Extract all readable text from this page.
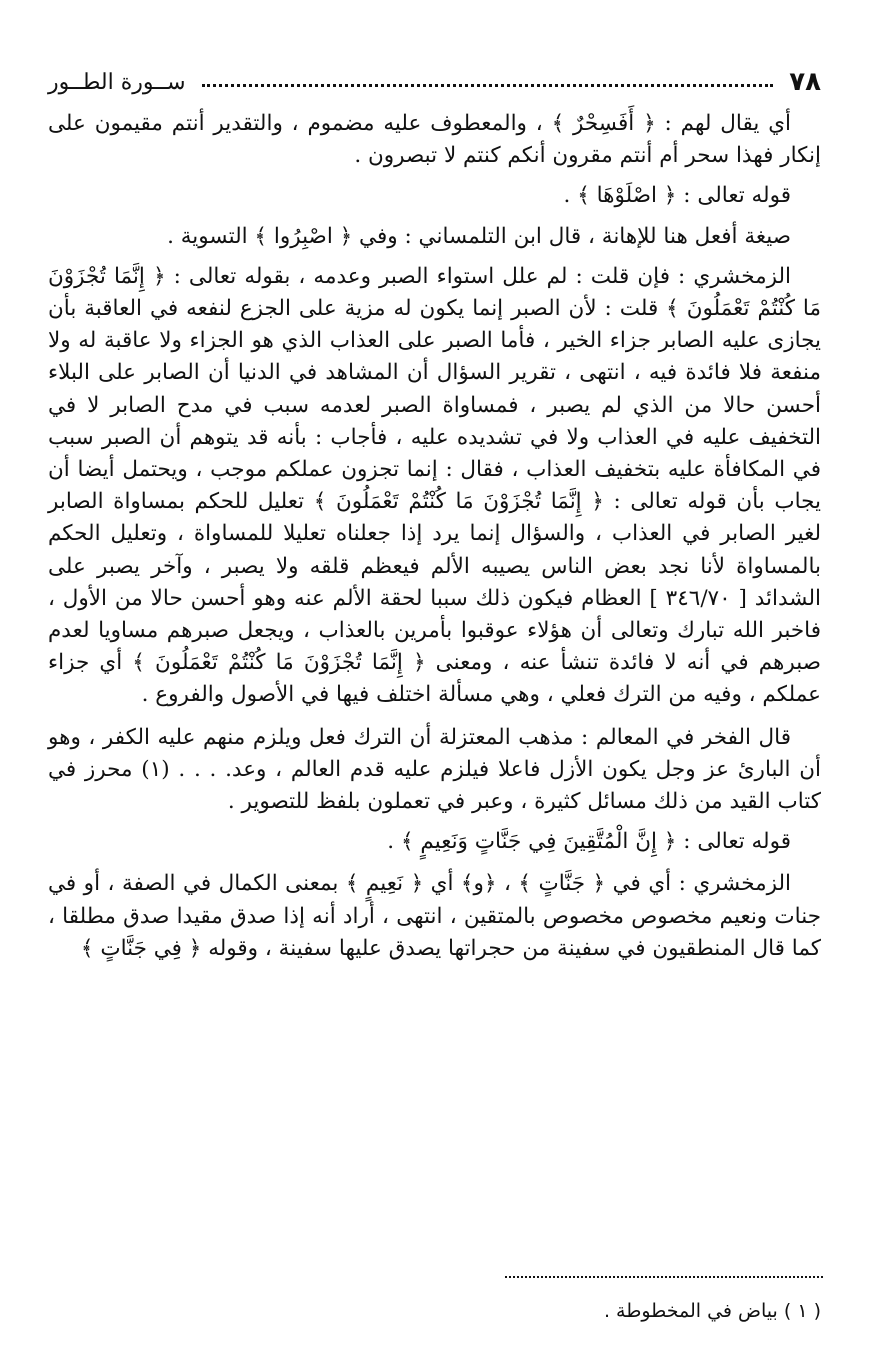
٧٨
ســورة الطــور

أي يقال لهم : ﴿ أَفَسِحْرٌ ﴾ ، والمعطوف عليه مضموم ، والتقدير أنتم مقيمون على إنكار فهذا سحر أم أنتم مقرون أنكم كنتم لا تبصرون .

قوله تعالى : ﴿ اصْلَوْهَا ﴾ .

صيغة أفعل هنا للإهانة ، قال ابن التلمساني : وفي ﴿ اصْبِرُوا ﴾ التسوية .

الزمخشري : فإن قلت : لم علل استواء الصبر وعدمه ، بقوله تعالى : ﴿ إِنَّمَا تُجْزَوْنَ مَا كُنْتُمْ تَعْمَلُونَ ﴾ قلت : لأن الصبر إنما يكون له مزية على الجزع لنفعه في العاقبة بأن يجازى عليه الصابر جزاء الخير ، فأما الصبر على العذاب الذي هو الجزاء ولا عاقبة له ولا منفعة فلا فائدة فيه ، انتهى ، تقرير السؤال أن المشاهد في الدنيا أن الصابر على البلاء أحسن حالا من الذي لم يصبر ، فمساواة الصبر لعدمه سبب في مدح الصابر لا في التخفيف عليه في العذاب ولا في تشديده عليه ، فأجاب : بأنه قد يتوهم أن الصبر سبب في المكافأة عليه بتخفيف العذاب ، فقال : إنما تجزون عملكم موجب ، ويحتمل أيضا أن يجاب بأن قوله تعالى : ﴿ إِنَّمَا تُجْزَوْنَ مَا كُنْتُمْ تَعْمَلُونَ ﴾ تعليل للحكم بمساواة الصابر لغير الصابر في العذاب ، والسؤال إنما يرد إذا جعلناه تعليلا للمساواة ، وتعليل الحكم بالمساواة لأنا نجد بعض الناس يصيبه الألم فيعظم قلقه ولا يصبر ، وآخر يصبر على الشدائد [ ٣٤٦/٧٠ ] العظام فيكون ذلك سببا لحقة الألم عنه وهو أحسن حالا من الأول ، فاخبر الله تبارك وتعالى أن هؤلاء عوقبوا بأمرين بالعذاب ، ويجعل صبرهم مساويا لعدم صبرهم في أنه لا فائدة تنشأ عنه ، ومعنى ﴿ إِنَّمَا تُجْزَوْنَ مَا كُنْتُمْ تَعْمَلُونَ ﴾ أي جزاء عملكم ، وفيه من الترك فعلي ، وهي مسألة اختلف فيها في الأصول والفروع .

قال الفخر في المعالم : مذهب المعتزلة أن الترك فعل ويلزم منهم عليه الكفر ، وهو أن البارئ عز وجل يكون الأزل فاعلا فيلزم عليه قدم العالم ، وعد. . . . (١) محرز في كتاب القيد من ذلك مسائل كثيرة ، وعبر في تعملون بلفظ للتصوير .

قوله تعالى : ﴿ إِنَّ الْمُتَّقِينَ فِي جَنَّاتٍ وَنَعِيمٍ ﴾ .

الزمخشري : أي في ﴿ جَنَّاتٍ ﴾ ، ﴿و﴾ أي ﴿ نَعِيمٍ ﴾ بمعنى الكمال في الصفة ، أو في جنات ونعيم مخصوص مخصوص بالمتقين ، انتهى ، أراد أنه إذا صدق مقيدا صدق مطلقا ، كما قال المنطقيون في سفينة من حجراتها يصدق عليها سفينة ، وقوله ﴿ فِي جَنَّاتٍ ﴾

( ١ ) بياض في المخطوطة .
